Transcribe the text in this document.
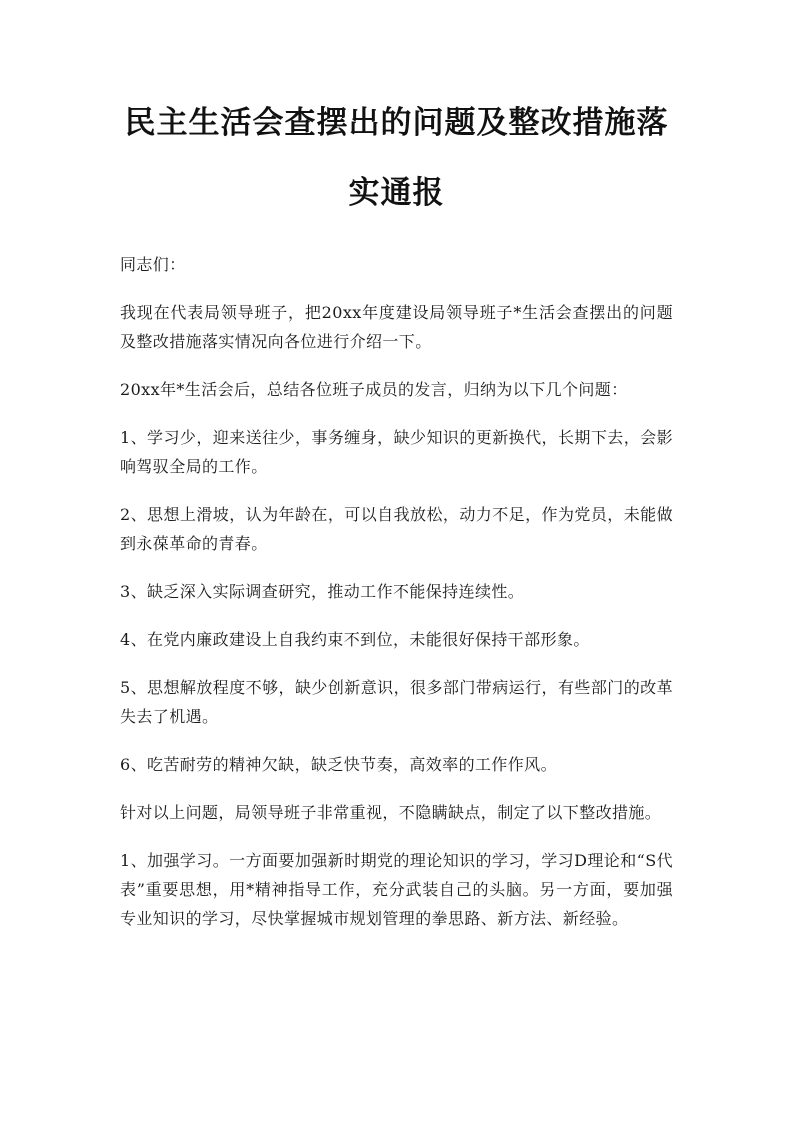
民主生活会查摆出的问题及整改措施落实通报

同志们：

我现在代表局领导班子，把20xx年度建设局领导班子*生活会查摆出的问题及整改措施落实情况向各位进行介绍一下。

20xx年*生活会后，总结各位班子成员的发言，归纳为以下几个问题：

1、学习少，迎来送往少，事务缠身，缺少知识的更新换代，长期下去，会影响驾驭全局的工作。

2、思想上滑坡，认为年龄在，可以自我放松，动力不足，作为党员，未能做到永葆革命的青春。

3、缺乏深入实际调查研究，推动工作不能保持连续性。

4、在党内廉政建设上自我约束不到位，未能很好保持干部形象。

5、思想解放程度不够，缺少创新意识，很多部门带病运行，有些部门的改革失去了机遇。

6、吃苦耐劳的精神欠缺，缺乏快节奏，高效率的工作作风。

针对以上问题，局领导班子非常重视，不隐瞒缺点，制定了以下整改措施。

1、加强学习。一方面要加强新时期党的理论知识的学习，学习D理论和“S代表”重要思想，用*精神指导工作，充分武装自己的头脑。另一方面，要加强专业知识的学习，尽快掌握城市规划管理的拳思路、新方法、新经验。
